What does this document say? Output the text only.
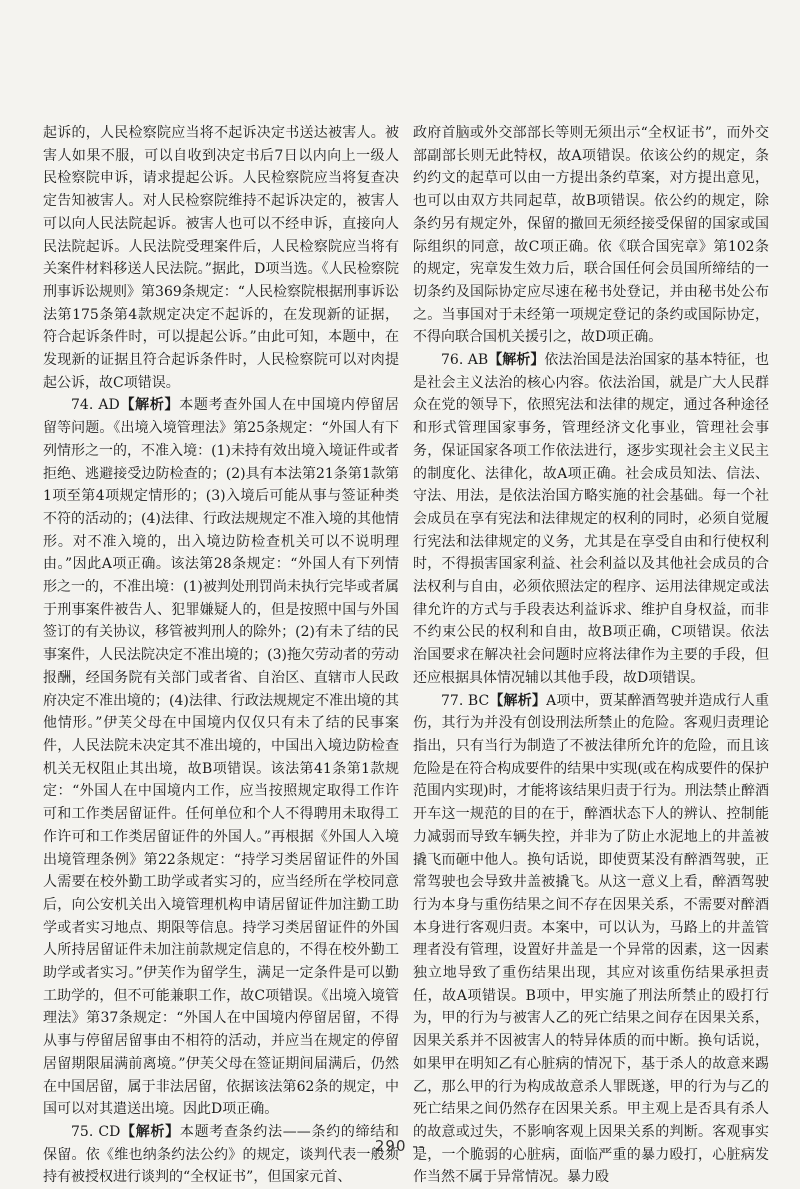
起诉的，人民检察院应当将不起诉决定书送达被害人。被害人如果不服，可以自收到决定书后7日以内向上一级人民检察院申诉，请求提起公诉。人民检察院应当将复查决定告知被害人。对人民检察院维持不起诉决定的，被害人可以向人民法院起诉。被害人也可以不经申诉，直接向人民法院起诉。人民法院受理案件后，人民检察院应当将有关案件材料移送人民法院。”据此，D项当选。《人民检察院刑事诉讼规则》第369条规定：“人民检察院根据刑事诉讼法第175条第4款规定决定不起诉的，在发现新的证据，符合起诉条件时，可以提起公诉。”由此可知，本题中，在发现新的证据且符合起诉条件时，人民检察院可以对肉提起公诉，故C项错误。

74. AD【解析】本题考查外国人在中国境内停留居留等问题。《出境入境管理法》第25条规定：“外国人有下列情形之一的，不准入境：(1)未持有效出境入境证件或者拒绝、逃避接受边防检查的；(2)具有本法第21条第1款第1项至第4项规定情形的；(3)入境后可能从事与签证种类不符的活动的；(4)法律、行政法规规定不准入境的其他情形。对不准入境的，出入境边防检查机关可以不说明理由。”因此A项正确。该法第28条规定：“外国人有下列情形之一的，不准出境：(1)被判处刑罚尚未执行完毕或者属于刑事案件被告人、犯罪嫌疑人的，但是按照中国与外国签订的有关协议，移管被判刑人的除外；(2)有未了结的民事案件，人民法院决定不准出境的；(3)拖欠劳动者的劳动报酬，经国务院有关部门或者省、自治区、直辖市人民政府决定不准出境的；(4)法律、行政法规规定不准出境的其他情形。”伊芙父母在中国境内仅仅只有未了结的民事案件，人民法院未决定其不准出境的，中国出入境边防检查机关无权阻止其出境，故B项错误。该法第41条第1款规定：“外国人在中国境内工作，应当按照规定取得工作许可和工作类居留证件。任何单位和个人不得聘用未取得工作许可和工作类居留证件的外国人。”再根据《外国人入境出境管理条例》第22条规定：“持学习类居留证件的外国人需要在校外勤工助学或者实习的，应当经所在学校同意后，向公安机关出入境管理机构申请居留证件加注勤工助学或者实习地点、期限等信息。持学习类居留证件的外国人所持居留证件未加注前款规定信息的，不得在校外勤工助学或者实习。”伊芙作为留学生，满足一定条件是可以勤工助学的，但不可能兼职工作，故C项错误。《出境入境管理法》第37条规定：“外国人在中国境内停留居留，不得从事与停留居留事由不相符的活动，并应当在规定的停留居留期限届满前离境。”伊芙父母在签证期间届满后，仍然在中国居留，属于非法居留，依据该法第62条的规定，中国可以对其遣送出境。因此D项正确。

75. CD【解析】本题考查条约法——条约的缔结和保留。依《维也纳条约法公约》的规定，谈判代表一般须持有被授权进行谈判的“全权证书”，但国家元首、

政府首脑或外交部部长等则无须出示“全权证书”，而外交部副部长则无此特权，故A项错误。依该公约的规定，条约约文的起草可以由一方提出条约草案，对方提出意见，也可以由双方共同起草，故B项错误。依公约的规定，除条约另有规定外，保留的撤回无须经接受保留的国家或国际组织的同意，故C项正确。依《联合国宪章》第102条的规定，宪章发生效力后，联合国任何会员国所缔结的一切条约及国际协定应尽速在秘书处登记，并由秘书处公布之。当事国对于未经第一项规定登记的条约或国际协定，不得向联合国机关援引之，故D项正确。

76. AB【解析】依法治国是法治国家的基本特征，也是社会主义法治的核心内容。依法治国，就是广大人民群众在党的领导下，依照宪法和法律的规定，通过各种途径和形式管理国家事务，管理经济文化事业，管理社会事务，保证国家各项工作依法进行，逐步实现社会主义民主的制度化、法律化，故A项正确。社会成员知法、信法、守法、用法，是依法治国方略实施的社会基础。每一个社会成员在享有宪法和法律规定的权利的同时，必须自觉履行宪法和法律规定的义务，尤其是在享受自由和行使权利时，不得损害国家利益、社会利益以及其他社会成员的合法权利与自由，必须依照法定的程序、运用法律规定或法律允许的方式与手段表达利益诉求、维护自身权益，而非不约束公民的权利和自由，故B项正确，C项错误。依法治国要求在解决社会问题时应将法律作为主要的手段，但还应根据具体情况辅以其他手段，故D项错误。

77. BC【解析】A项中，贾某醉酒驾驶并造成行人重伤，其行为并没有创设刑法所禁止的危险。客观归责理论指出，只有当行为制造了不被法律所允许的危险，而且该危险是在符合构成要件的结果中实现(或在构成要件的保护范围内实现)时，才能将该结果归责于行为。刑法禁止醉酒开车这一规范的目的在于，醉酒状态下人的辨认、控制能力减弱而导致车辆失控，并非为了防止水泥地上的井盖被撬飞而砸中他人。换句话说，即使贾某没有醉酒驾驶，正常驾驶也会导致井盖被撬飞。从这一意义上看，醉酒驾驶行为本身与重伤结果之间不存在因果关系，不需要对醉酒本身进行客观归责。本案中，可以认为，马路上的井盖管理者没有管理，设置好井盖是一个异常的因素，这一因素独立地导致了重伤结果出现，其应对该重伤结果承担责任，故A项错误。B项中，甲实施了刑法所禁止的殴打行为，甲的行为与被害人乙的死亡结果之间存在因果关系，因果关系并不因被害人的特异体质的而中断。换句话说，如果甲在明知乙有心脏病的情况下，基于杀人的故意来踢乙，那么甲的行为构成故意杀人罪既遂，甲的行为与乙的死亡结果之间仍然存在因果关系。甲主观上是否具有杀人的故意或过失，不影响客观上因果关系的判断。客观事实是，一个脆弱的心脏病，面临严重的暴力殴打，心脏病发作当然不属于异常情况。暴力殴

290 --
